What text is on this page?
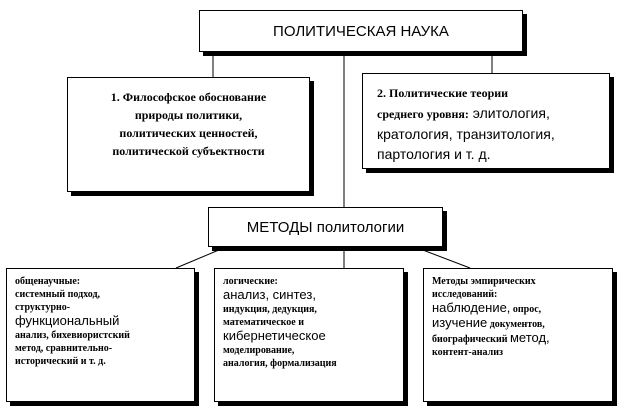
ПОЛИТИЧЕСКАЯ НАУКА

1. Философское обоснование

природы политики,

политических ценностей,

политической субъектности

2. Политические теории

среднего уровня: элитология,

кратология, транзитология,

партология и т. д.

МЕТОДЫ политологии

общенаучные:

системный подход,

структурно-

функциональный

анализ, бихевиористский

метод, сравнительно-

исторический и т. д.

логические:

анализ, синтез,

индукция, дедукция,

математическое и

кибернетическое

моделирование,

аналогия, формализация

Методы эмпирических

исследований:

наблюдение, опрос,

изучение документов,

биографический метод,

контент-анализ
